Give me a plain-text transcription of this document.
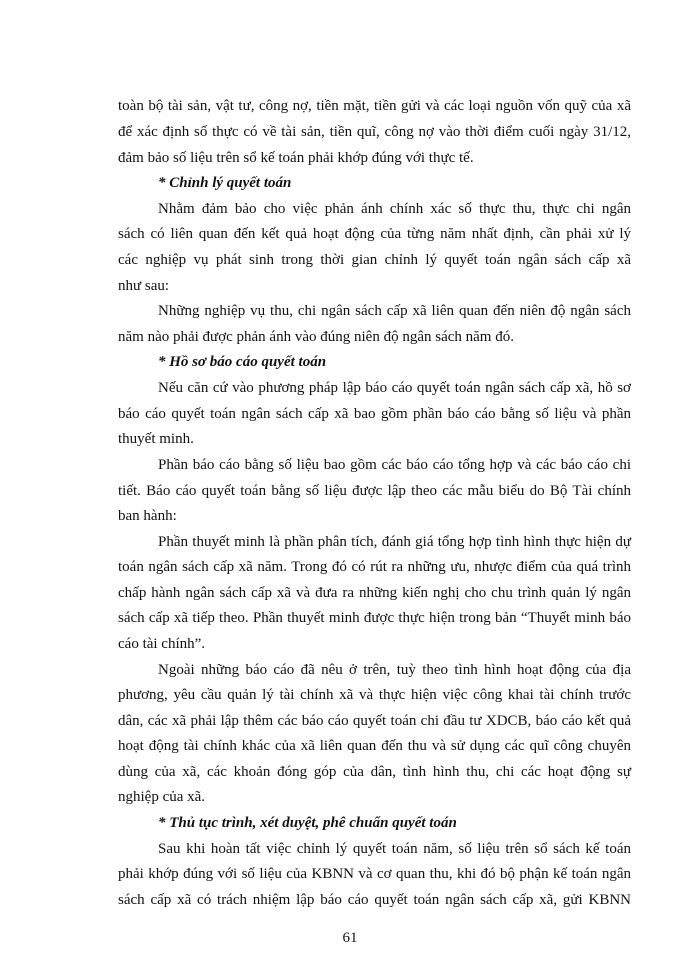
toàn bộ tài sản, vật tư, công nợ, tiền mặt, tiền gửi và các loại nguồn vốn quỹ của xã
để xác định số thực có về tài sản, tiền quĩ, công nợ vào thời điểm cuối ngày 31/12,
đảm bảo số liệu trên sổ kế toán phải khớp đúng với thực tế.
* Chỉnh lý quyết toán
Nhằm đảm bảo cho việc phản ánh chính xác số thực thu, thực chi ngân
sách có liên quan đến kết quả hoạt động của từng năm nhất định, cần phải xử lý
các nghiệp vụ phát sinh trong thời gian chỉnh lý quyết toán ngân sách cấp xã
như sau:
Những nghiệp vụ thu, chi ngân sách cấp xã liên quan đến niên độ ngân sách
năm nào phải được phản ánh vào đúng niên độ ngân sách năm đó.
* Hồ sơ báo cáo quyết toán
Nếu căn cứ vào phương pháp lập báo cáo quyết toán ngân sách cấp xã, hồ sơ
báo cáo quyết toán ngân sách cấp xã bao gồm phần báo cáo bằng số liệu và phần
thuyết minh.
Phần báo cáo bằng số liệu bao gồm các báo cáo tổng hợp và các báo cáo chi
tiết. Báo cáo quyết toán bằng số liệu được lập theo các mẫu biểu do Bộ Tài chính
ban hành:
Phần thuyết minh là phần phân tích, đánh giá tổng hợp tình hình thực hiện dự
toán ngân sách cấp xã năm. Trong đó có rút ra những ưu, nhược điểm của quá trình
chấp hành ngân sách cấp xã và đưa ra những kiến nghị cho chu trình quản lý ngân
sách cấp xã tiếp theo. Phần thuyết minh được thực hiện trong bản “Thuyết minh báo
cáo tài chính”.
Ngoài những báo cáo đã nêu ở trên, tuỳ theo tình hình hoạt động của địa
phương, yêu cầu quản lý tài chính xã và thực hiện việc công khai tài chính trước
dân, các xã phải lập thêm các báo cáo quyết toán chi đầu tư XDCB, báo cáo kết quả
hoạt động tài chính khác của xã liên quan đến thu và sử dụng các quĩ công chuyên
dùng của xã, các khoản đóng góp của dân, tình hình thu, chi các hoạt động sự
nghiệp của xã.
* Thủ tục trình, xét duyệt, phê chuẩn quyết toán
Sau khi hoàn tất việc chỉnh lý quyết toán năm, số liệu trên sổ sách kế toán
phải khớp đúng với số liệu của KBNN và cơ quan thu, khi đó bộ phận kế toán ngân
sách cấp xã có trách nhiệm lập báo cáo quyết toán ngân sách cấp xã, gửi KBNN
61
